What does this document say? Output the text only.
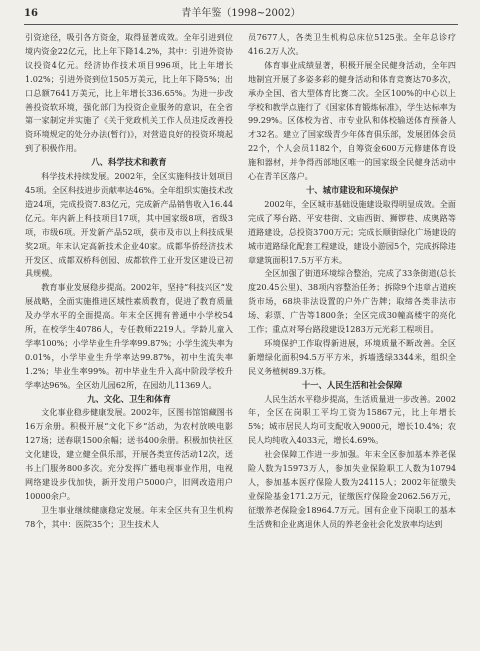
16	青羊年鉴（1998~2002）

引资途径，吸引各方资金，取得显著成效。全年引进到位境内资金22亿元，比上年下降14.2%，其中：引进外资协议投资4亿元。经济协作技术项目996项，比上年增长1.02%；引进外资到位1505万美元，比上年下降5%；出口总额7641万美元，比上年增长336.65%。为进一步改善投资软环境，强化部门为投资企业服务的意识，在全省第一家制定并实施了《关于党政机关工作人员违反改善投资环境规定的处分办法(暂行)》，对营造良好的投资环境起到了积极作用。

八、科学技术和教育

科学技术持续发展。2002年，全区实施科技计划项目45项。全区科技进步贡献率达46%。全年组织实施技术改造24项，完成投资7.83亿元，完成新产品销售收入16.44亿元。年内新上科技项目17项，其中国家级8项，省级3项，市级6项。开发新产品52项，获市及市以上科技成果奖2项。年末认定高新技术企业40家。成都华侨经济技术开发区、成都双桥科创园、成都软件工业开发区建设已初具规模。

教育事业发展稳步提高。2002年，坚持“科技兴区”发展战略，全面实施推进区域性素质教育，促进了教育质量及办学水平的全面提高。年末全区拥有普通中小学校54所，在校学生40786人，专任教师2219人。学龄儿童入学率100%；小学毕业生升学率99.87%；小学生流失率为0.01%，小学毕业生升学率达99.87%，初中生流失率1.2%；毕业生率99%。初中毕业生升入高中阶段学校升学率达96%。全区幼儿园62所，在园幼儿11369人。

九、文化、卫生和体育

文化事业稳步健康发展。2002年，区图书馆馆藏图书16万余册。积极开展“文化下乡”活动，为农村放映电影127场；送春联1500余幅；送书400余册。积极加快社区文化建设，建立健全俱乐部，开展各类宣传活动12次，送书上门服务800多次。充分发挥广播电视事业作用，电视网络建设步伐加快，新开发用户5000户，旧网改造用户10000余户。

卫生事业继续健康稳定发展。年末全区共有卫生机构78个，其中：医院35个；卫生技术人

员7677人，各类卫生机构总床位5125张。全年总诊疗416.2万人次。

体育事业成绩显著，积极开展全民健身活动，全年四地制宜开展了多姿多彩的健身活动和体育竞赛达70多次，承办全国、省大型体育比赛二次。全区100%的中心以上学校和教学点施行了《国家体育锻炼标准》，学生达标率为99.29%。区体校为省、市专业队和体校输送体育预备人才32名。建立了国家级青少年体育俱乐部，发展团体会员22个，个人会员1182个，自筹资金600万元修建体育设施和器材，并争得西部地区唯一的国家级全民健身活动中心在青羊区落户。

十、城市建设和环境保护

2002年，全区城市基础设施建设取得明显成效。全面完成了琴台路、平安巷街、文庙西街、狮锣巷、成奥路等道路建设，总投资3700万元；完成长顺街绿化广场建设的城市道路绿化配套工程建设，建设小游园5个，完成拆除违章建筑面积17.5万平方米。

全区加强了街道环境综合整治，完成了33条街道(总长度20.45公里)、38项内容整治任务；拆除9个违章占道疾货市场，68块非法设置的户外广告牌；取缔各类非法市场、彩票、广告等1800条；全区完成30幢高楼宇的亮化工作；重点对琴台路段建设1283万元光彩工程项目。

环境保护工作取得新进展，环境质量不断改善。全区新增绿化面积94.5万平方米，拆墙透绿3344米，组织全民义务植树89.3万株。

十一、人民生活和社会保障

人民生活水平稳步提高，生活质量进一步改善。2002年，全区在岗职工平均工资为15867元，比上年增长5%；城市居民人均可支配收入9000元，增长10.4%；农民人均纯收入4033元，增长4.69%。

社会保障工作进一步加强。年末全区参加基本养老保险人数为15973万人，参加失业保险职工人数为10794人，参加基本医疗保险人数为24115人；2002年征缴失业保险基金171.2万元，征缴医疗保险金2062.56万元，征缴养老保险金18964.7万元。国有企业下岗职工的基本生活费和企业离退休人员的养老金社会化发放率均达到
